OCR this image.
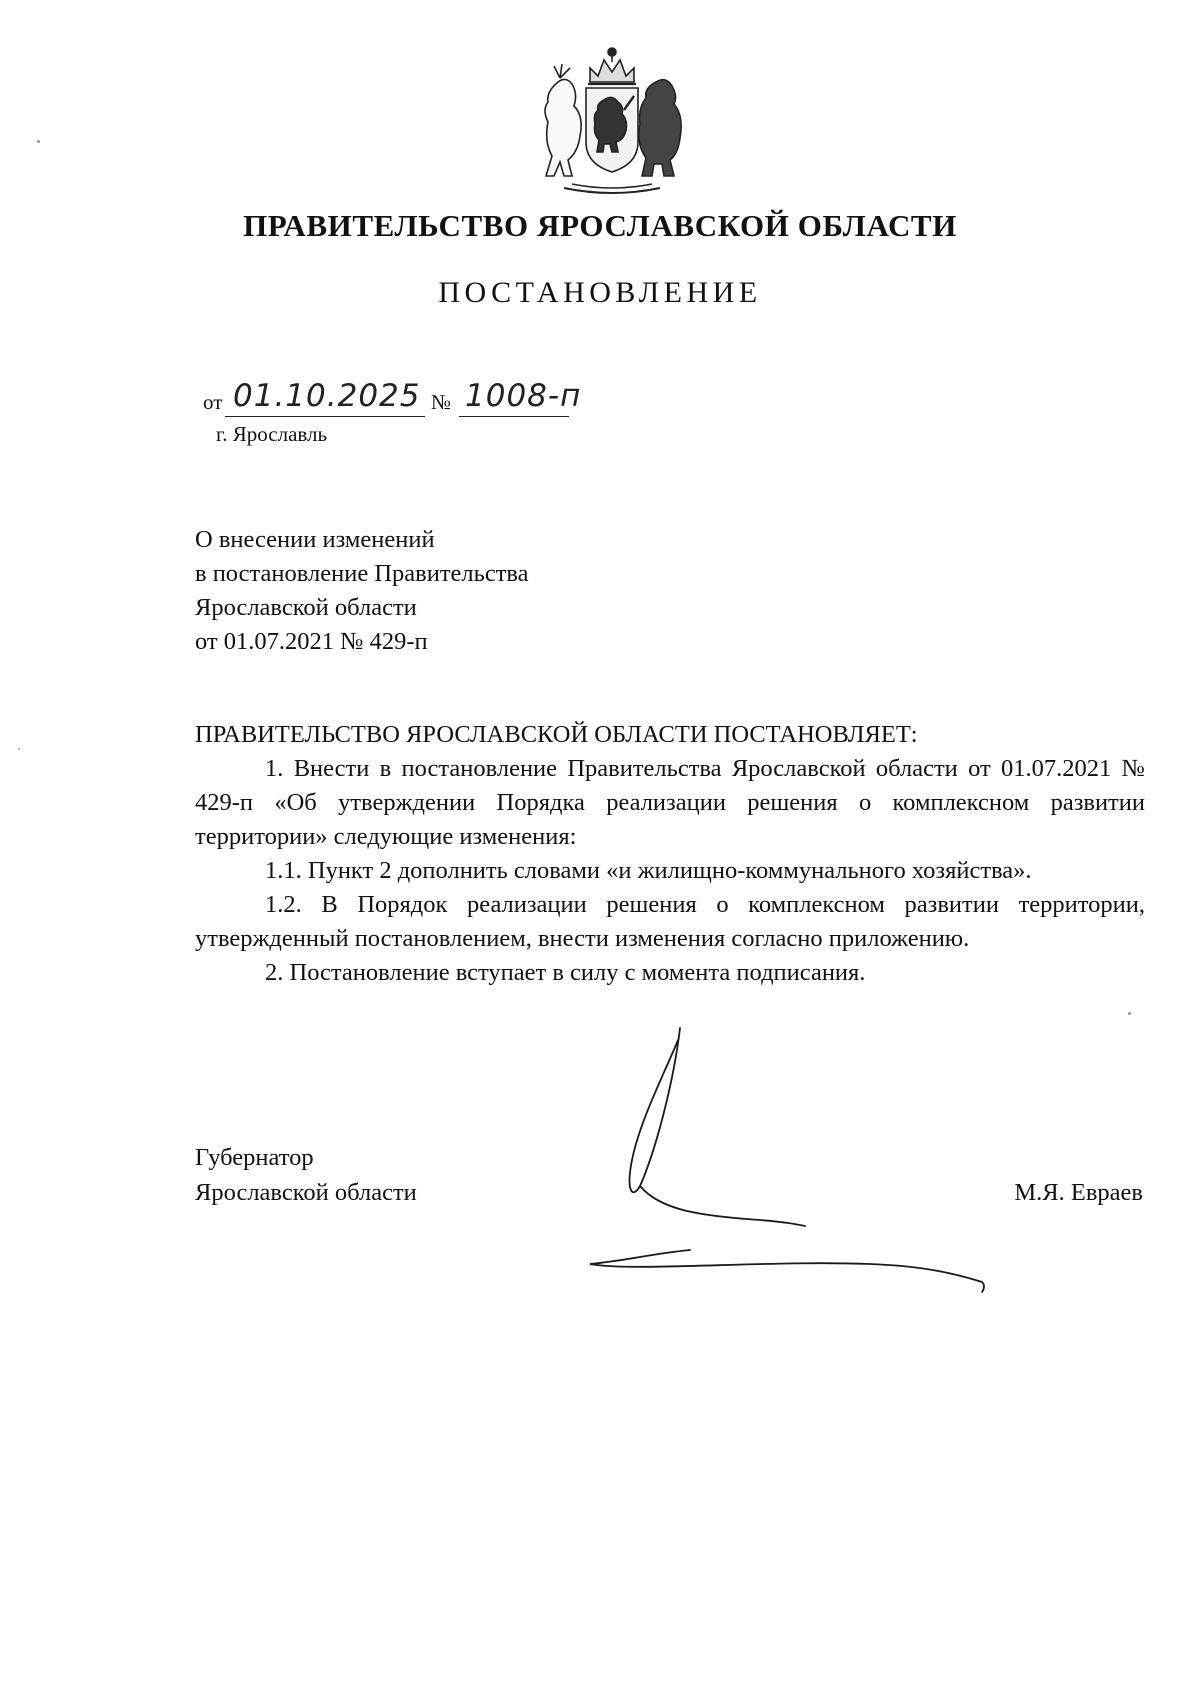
ПРАВИТЕЛЬСТВО ЯРОСЛАВСКОЙ ОБЛАСТИ
ПОСТАНОВЛЕНИЕ
от 01.10.2025 № 1008-п
г. Ярославль
О внесении изменений
в постановление Правительства
Ярославской области
от 01.07.2021 № 429-п
ПРАВИТЕЛЬСТВО ЯРОСЛАВСКОЙ ОБЛАСТИ ПОСТАНОВЛЯЕТ:

1. Внести в постановление Правительства Ярославской области от 01.07.2021 № 429-п «Об утверждении Порядка реализации решения о комплексном развитии территории» следующие изменения:

1.1. Пункт 2 дополнить словами «и жилищно-коммунального хозяйства».

1.2. В Порядок реализации решения о комплексном развитии территории, утвержденный постановлением, внести изменения согласно приложению.

2. Постановление вступает в силу с момента подписания.

Губернатор
Ярославской области	М.Я. Евраев
